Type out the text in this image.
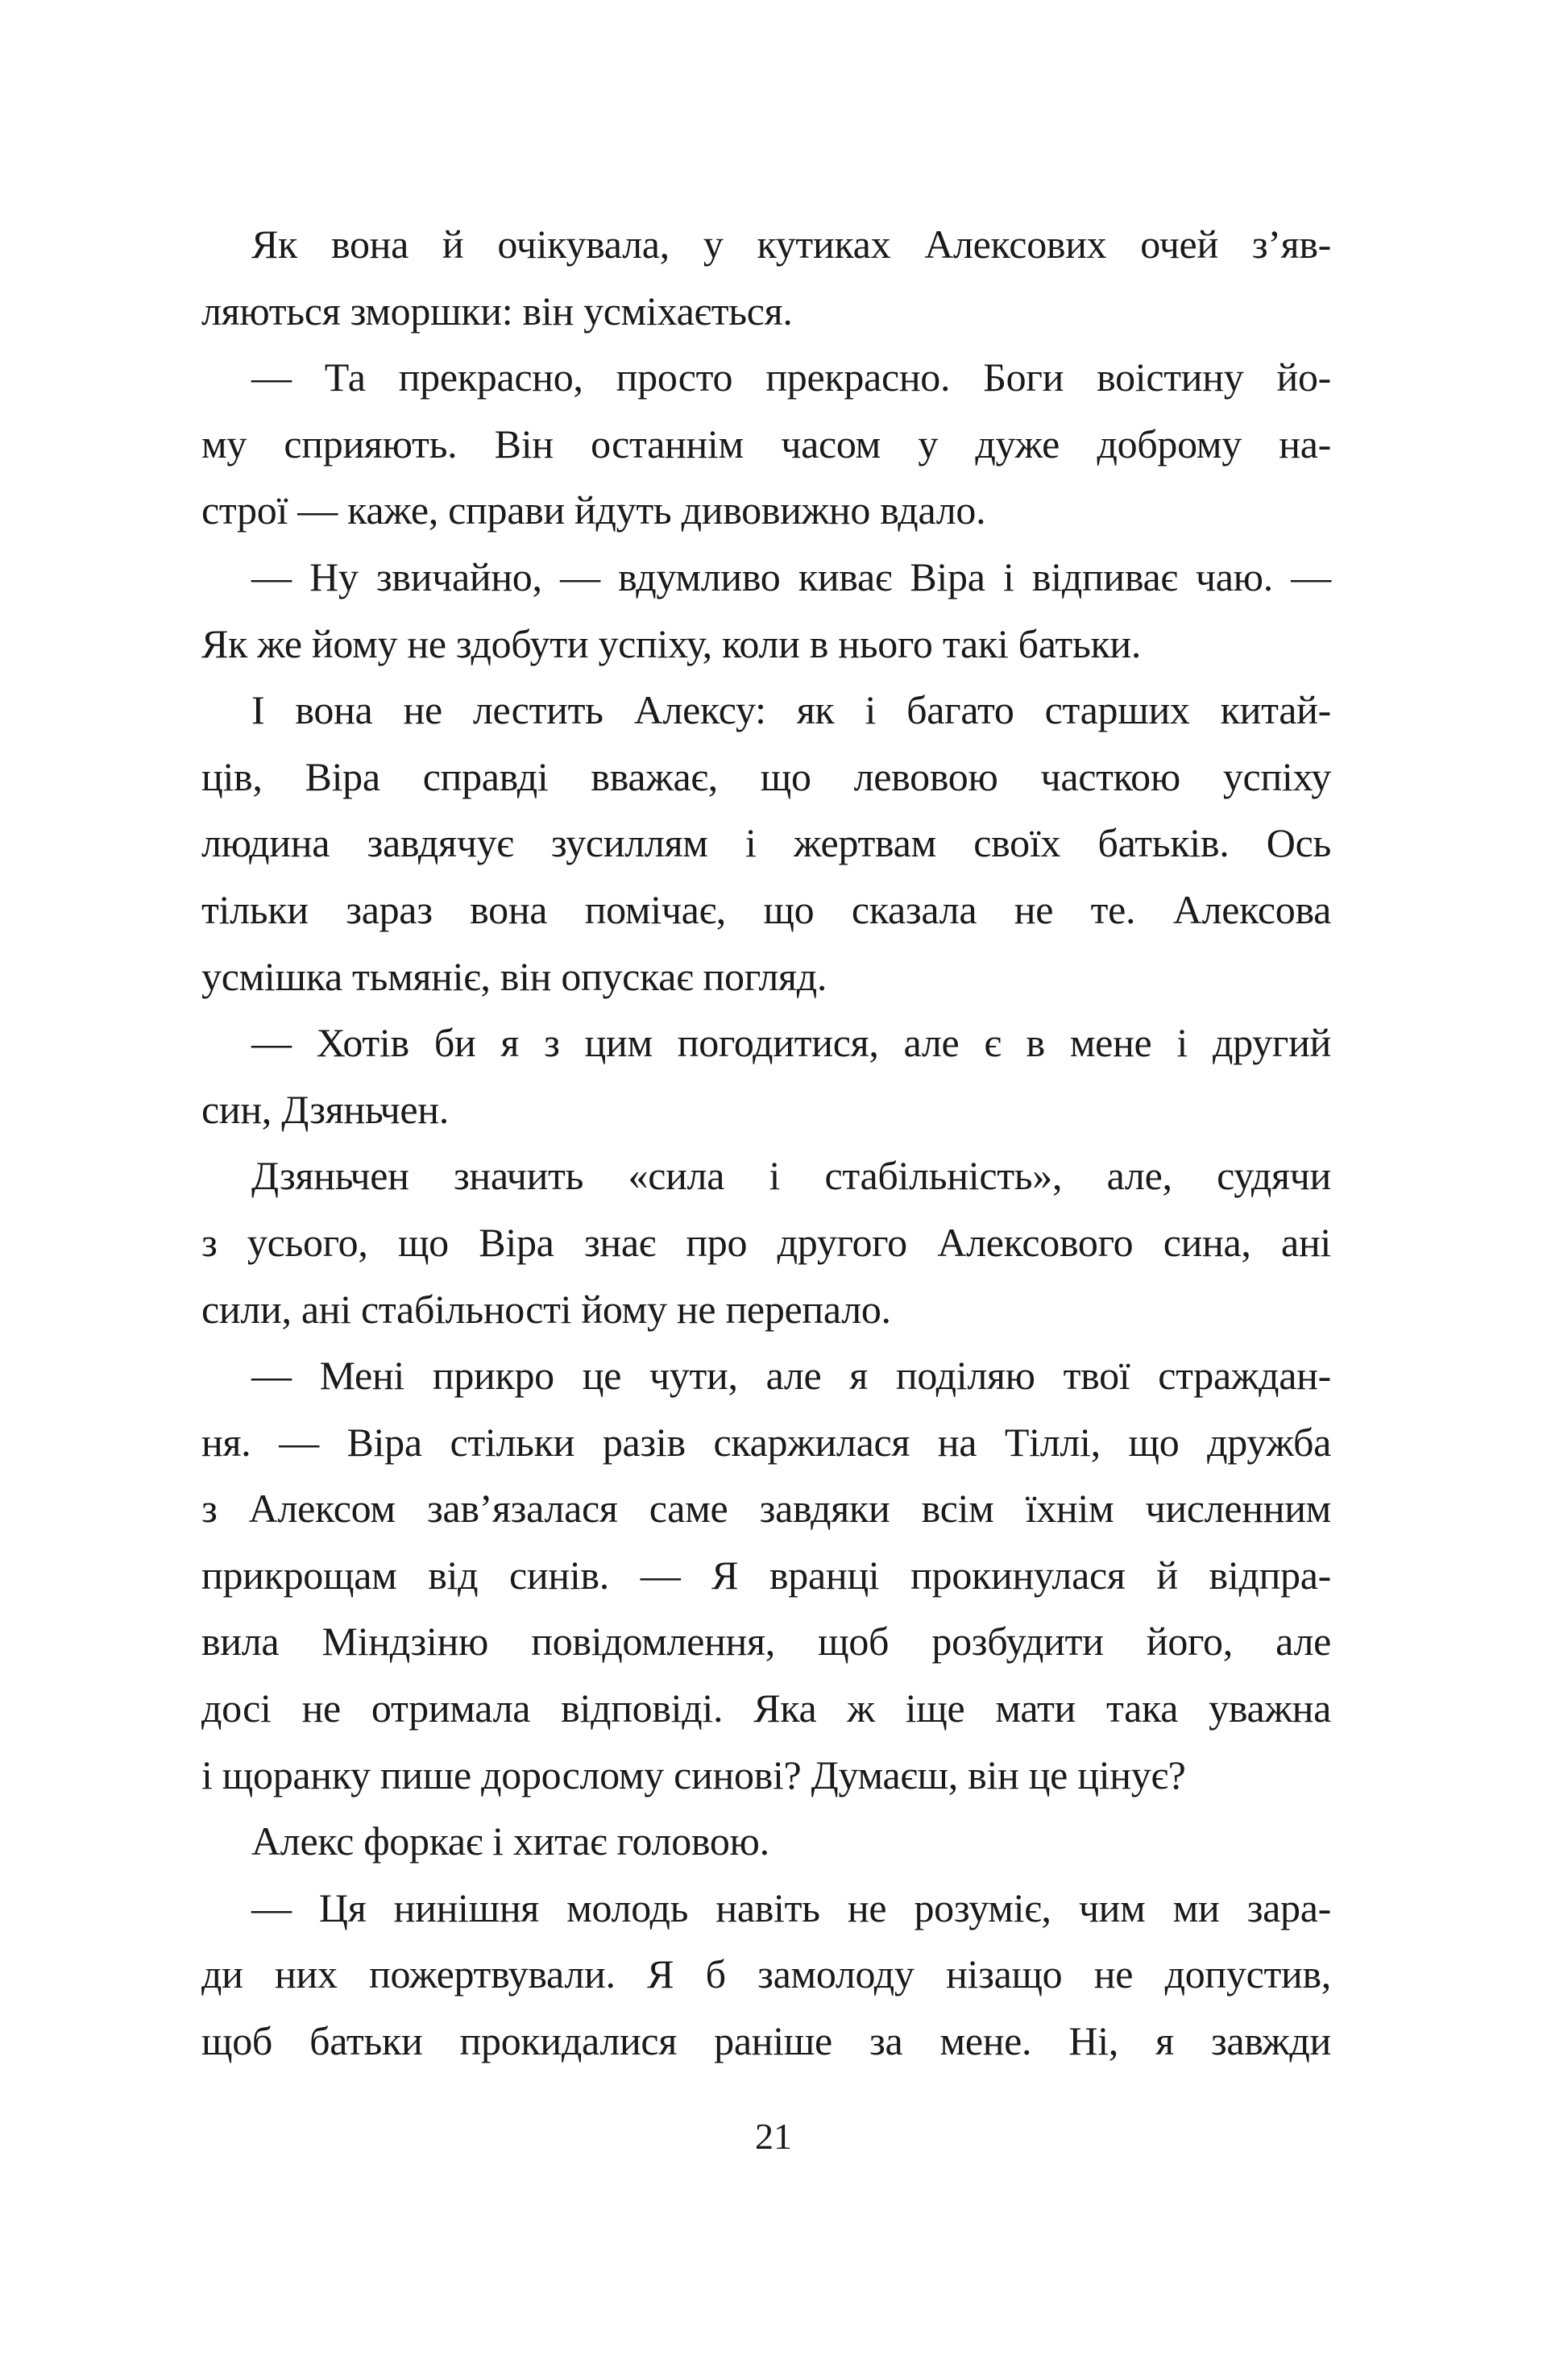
Як вона й очікувала, у кутиках Алексових очей з’яв-
ляються зморшки: він усміхається.
— Та прекрасно, просто прекрасно. Боги воістину йо-
му сприяють. Він останнім часом у дуже доброму на-
строї — каже, справи йдуть дивовижно вдало.
— Ну звичайно, — вдумливо киває Віра і відпиває чаю. —
Як же йому не здобути успіху, коли в нього такі батьки.
І вона не лестить Алексу: як і багато старших китай-
ців, Віра справді вважає, що левовою часткою успіху
людина завдячує зусиллям і жертвам своїх батьків. Ось
тільки зараз вона помічає, що сказала не те. Алексова
усмішка тьмяніє, він опускає погляд.
— Хотів би я з цим погодитися, але є в мене і другий
син, Дзяньчен.
Дзяньчен значить «сила і стабільність», але, судячи
з усього, що Віра знає про другого Алексового сина, ані
сили, ані стабільності йому не перепало.
— Мені прикро це чути, але я поділяю твої страждан-
ня. — Віра стільки разів скаржилася на Тіллі, що дружба
з Алексом зав’язалася саме завдяки всім їхнім численним
прикрощам від синів. — Я вранці прокинулася й відпра-
вила Міндзіню повідомлення, щоб розбудити його, але
досі не отримала відповіді. Яка ж іще мати така уважна
і щоранку пише дорослому синові? Думаєш, він це цінує?
Алекс форкає і хитає головою.
— Ця нинішня молодь навіть не розуміє, чим ми зара-
ди них пожертвували. Я б замолоду нізащо не допустив,
щоб батьки прокидалися раніше за мене. Ні, я завжди
21
